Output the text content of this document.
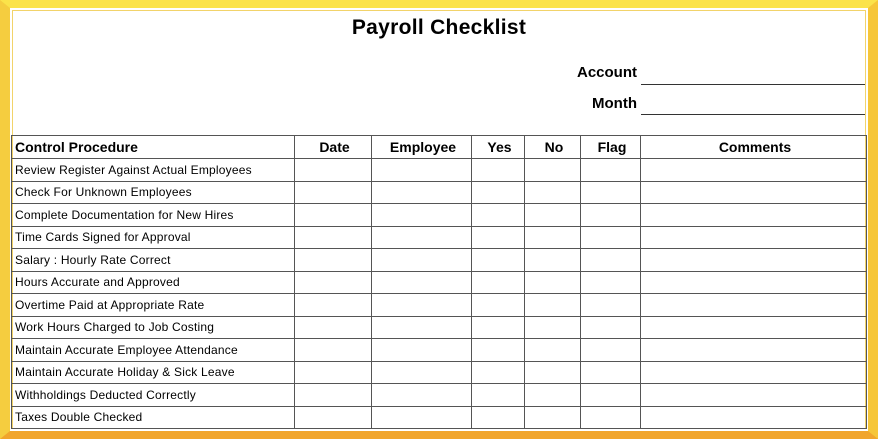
Payroll Checklist
Account
Month
Control Procedure	Date	Employee	Yes	No	Flag	Comments
Review Register Against Actual Employees						
Check For Unknown Employees						
Complete Documentation for New Hires						
Time Cards Signed for Approval						
Salary : Hourly Rate Correct						
Hours Accurate and Approved						
Overtime Paid at Appropriate Rate						
Work Hours Charged to Job Costing						
Maintain Accurate Employee Attendance						
Maintain Accurate Holiday & Sick Leave						
Withholdings Deducted Correctly						
Taxes Double Checked						
